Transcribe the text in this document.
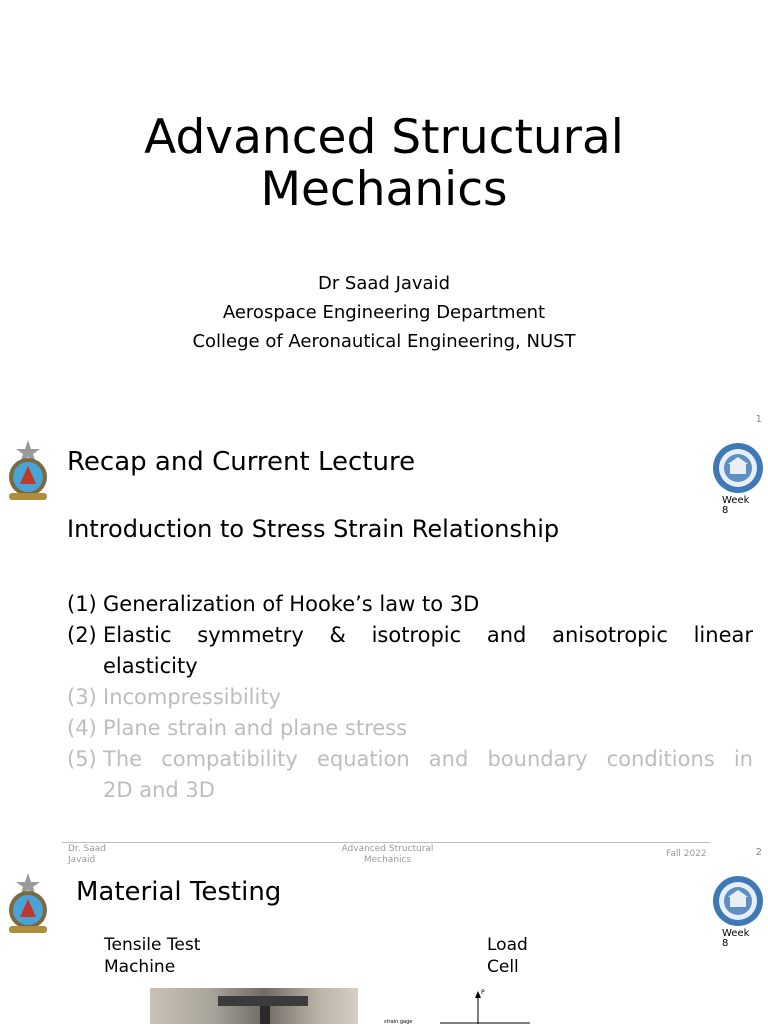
Advanced Structural
Mechanics
Dr Saad Javaid
Aerospace Engineering Department
College of Aeronautical Engineering, NUST
1
Recap and Current Lecture
Week
8
Introduction to Stress Strain Relationship
(1) Generalization of Hooke’s law to 3D
(2) Elastic symmetry & isotropic and anisotropic linear
elasticity
(3) Incompressibility
(4) Plane strain and plane stress
(5) The compatibility equation and boundary conditions in
2D and 3D
Dr. Saad
Javaid
Advanced Structural
Mechanics
Fall 2022	2
Material Testing
Week
8
Tensile Test
Machine
Load
Cell
P
strain gage
